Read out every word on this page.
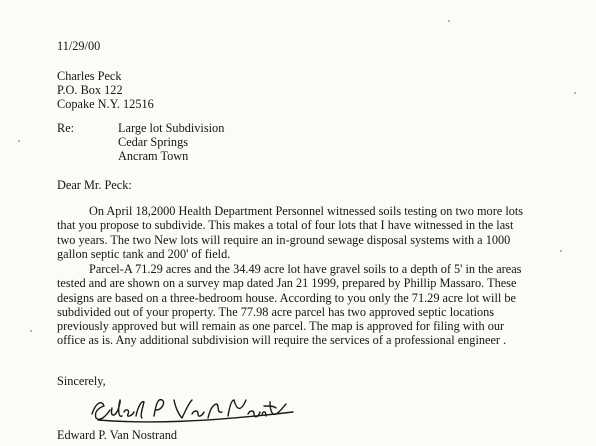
11/29/00
Charles Peck
P.O. Box 122
Copake N.Y. 12516
Re:	Large lot Subdivision
Cedar Springs
Ancram Town
Dear Mr. Peck:
On April 18,2000 Health Department Personnel witnessed soils testing on two more lots that you propose to subdivide. This makes a total of four lots that I have witnessed in the last two years. The two New lots will require an in-ground sewage disposal systems with a 1000 gallon septic tank and 200' of field.
Parcel-A 71.29 acres and the 34.49 acre lot have gravel soils to a depth of 5' in the areas tested and are shown on a survey map dated Jan 21 1999, prepared by Phillip Massaro. These designs are based on a three-bedroom house. According to you only the 71.29 acre lot will be subdivided out of your property. The 77.98 acre parcel has two approved septic locations previously approved but will remain as one parcel. The map is approved for filing with our office as is. Any additional subdivision will require the services of a professional engineer .
Sincerely,
Edward P. Van Nostrand
